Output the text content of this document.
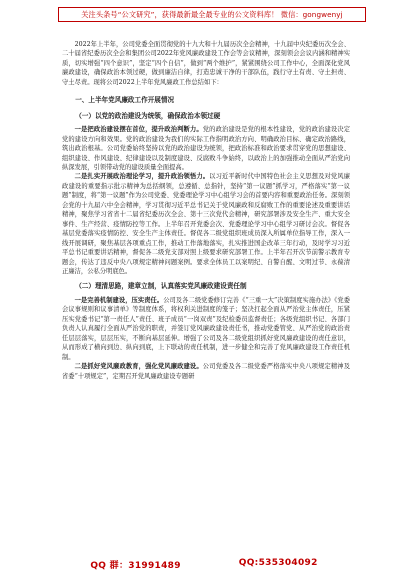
关注头条号“公文研究”，获得最新最全最专业的公文资料库！ 微信：gongwenyj

2022年上半年，公司党委全面贯彻党的十九大和十九届历次全会精神，十九届中央纪委历次全会、二十届省纪委历次全会和集团公司2022年党风廉政建设工作会等会议精神，深刻领会会议内涵和精神实质，切实增强“四个意识”，坚定“四个自信”，做到“两个维护”，紧紧围绕公司工作中心，全面深化党风廉政建设，确保政治本领过硬，做到廉洁自律，打造忠诚干净的干部队伍，践行守土有责、守土担责、守土尽责。现将公司2022上半年党风廉政工作总结如下：

一、上半年党风廉政工作开展情况
（一）以党的政治建设为统领，确保政治本领过硬

一是把政治建设摆在首位，提升政治判断力。党的政治建设是党的根本性建设，党的政治建设决定党的建设方向和效果。党的政治建设为我们的实际工作指明政治方向、明确政治目标、确定政治路线，筑出政治根基。公司党委始终坚持以党的政治建设为统领，把政治标准和政治要求贯穿党的思想建设、组织建设、作风建设、纪律建设以及制度建设、反腐败斗争始终，以政治上的加强推动全面从严治党向纵深发展，引领带动党的建设质量全面提高。

二是扎实开展政治理论学习，提升政治领悟力。以习近平新时代中国特色社会主义思想及对党风廉政建设的重要指示批示精神为总括纲领，总遵循、总指针，坚持“第一议题”抓学习，严格落实“第一议题”制度，将“第一议题”作为公司党委、党委理论学习中心组学习会的首要内容和重要政治任务。深刻领会党的十九届六中全会精神，学习贯彻习近平总书记关于党风廉政和反腐败工作的重要论述及重要讲话精神，聚焦学习省省十二届省纪委历次全会、第十三次党代会精神，研究部署涉及安全生产、重大安全事件、生产经营、疫情防控等工作。上半年召开党委会次、党委理论学习中心组学习研讨会次。督促各基层党委落实疫情防控、安全生产主体责任。督促各二级党组织班成员深入所属单位指导工作，深入一线开展调研，聚焦基层各项重点工作，推动工作落地落实，扎实推进国企改革三年行动，及时学习习近平总书记重要讲话精神，督促各二级党支部对照上级要求研究部署工作。上半年召开次节前警示教育专题会，传达了违反中央八项规定精神问题案例。要求全体员工以案明纪、自警自醒、文明过节、永葆清正廉洁，公私分明底色。

（二）理清思路，建章立制，认真落实党风廉政建设责任制

一是完善机制建设，压实责任。公司及各二级党委修订完善《“三重一大”决策制度实施办法》《党委会议事规则和议事清单》等制度体系，将权利关进制度的笼子；坚决扛起全面从严治党主体责任，压紧压实党委书记“第一责任人”责任、班子成员“一岗双责”及纪检委员监督责任；各级党组织书记、各部门负责人认真履行全面从严治党的职责，并签订党风廉政建设责任书，推动党委管党、从严治党的政治责任层层落实，层层压实，不断向基层延伸。增强了公司及各二级党组织抓好党风廉政建设的责任意识，从而形成了横向到边、纵向到底，上下联动的责任机制，进一步健全和完善了党风廉政建设工作责任机制。

二是抓好党风廉政教育，强化党风廉政建设。公司党委及各二级党委严格落实中央八项规定精神及省委“十项规定”，定期召开党风廉政建设专题研

QQ 群：31991489	QQ:535304092
